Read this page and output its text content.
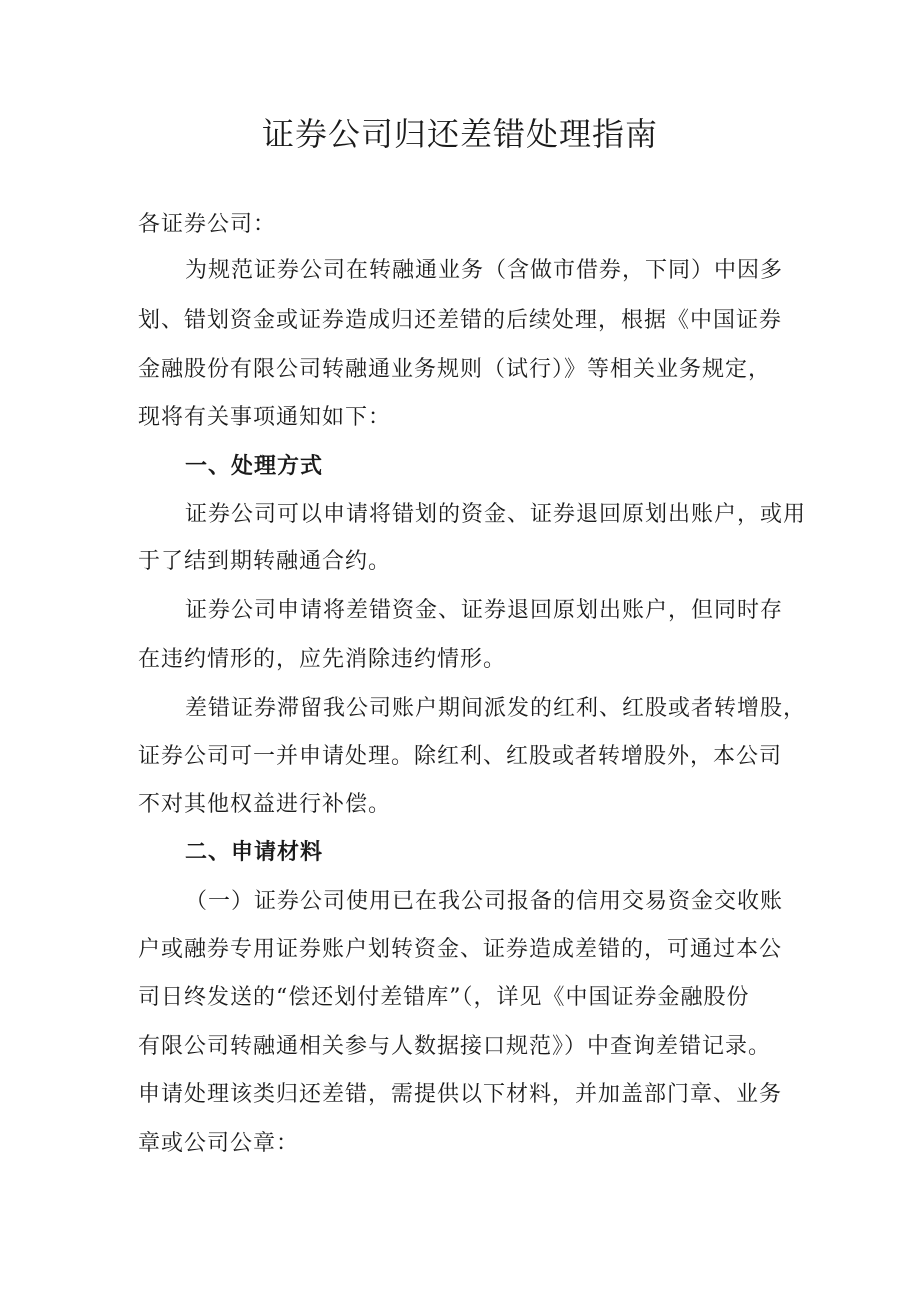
证券公司归还差错处理指南
各证券公司：
为规范证券公司在转融通业务（含做市借券，下同）中因多
划、错划资金或证券造成归还差错的后续处理，根据《中国证券
金融股份有限公司转融通业务规则（试行）》等相关业务规定，
现将有关事项通知如下：
一、处理方式
证券公司可以申请将错划的资金、证券退回原划出账户，或用
于了结到期转融通合约。
证券公司申请将差错资金、证券退回原划出账户，但同时存
在违约情形的，应先消除违约情形。
差错证券滞留我公司账户期间派发的红利、红股或者转增股，
证券公司可一并申请处理。除红利、红股或者转增股外，本公司
不对其他权益进行补偿。
二、申请材料
（一）证券公司使用已在我公司报备的信用交易资金交收账
户或融券专用证券账户划转资金、证券造成差错的，可通过本公
司日终发送的“偿还划付差错库”（，详见《中国证券金融股份
有限公司转融通相关参与人数据接口规范》）中查询差错记录。
申请处理该类归还差错，需提供以下材料，并加盖部门章、业务
章或公司公章：
